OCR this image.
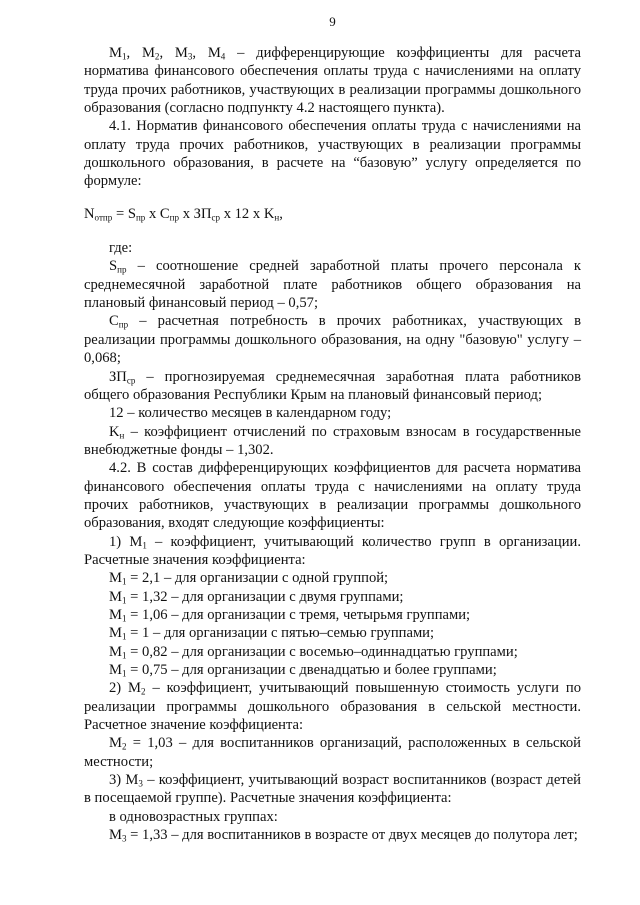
9

$M_1$, $M_2$, $M_3$, $M_4$ – дифференцирующие коэффициенты для расчета норматива финансового обеспечения оплаты труда с начислениями на оплату труда прочих работников, участвующих в реализации программы дошкольного образования (согласно подпункту 4.2 настоящего пункта).

4.1. Норматив финансового обеспечения оплаты труда с начислениями на оплату труда прочих работников, участвующих в реализации программы дошкольного образования, в расчете на “базовую” услугу определяется по формуле:

$N_{отпр} = S_{пр}$ x $C_{пр}$ x $ЗП_{ср}$ x 12 x $K_н$,

где:

$S_{пр}$ – соотношение средней заработной платы прочего персонала к среднемесячной заработной плате работников общего образования на плановый финансовый период – 0,57;

$C_{пр}$ – расчетная потребность в прочих работниках, участвующих в реализации программы дошкольного образования, на одну "базовую" услугу – 0,068;

$ЗП_{ср}$ – прогнозируемая среднемесячная заработная плата работников общего образования Республики Крым на плановый финансовый период;

12 – количество месяцев в календарном году;

$K_н$ – коэффициент отчислений по страховым взносам в государственные внебюджетные фонды – 1,302.

4.2. В состав дифференцирующих коэффициентов для расчета норматива финансового обеспечения оплаты труда с начислениями на оплату труда прочих работников, участвующих в реализации программы дошкольного образования, входят следующие коэффициенты:

1) $M_1$ – коэффициент, учитывающий количество групп в организации. Расчетные значения коэффициента:

$M_1 = 2,1$ – для организации с одной группой;

$M_1 = 1,32$ – для организации с двумя группами;

$M_1 = 1,06$ – для организации с тремя, четырьмя группами;

$M_1 = 1$ – для организации с пятью–семью группами;

$M_1 = 0,82$ – для организации с восемью–одиннадцатью группами;

$M_1 = 0,75$ – для организации с двенадцатью и более группами;

2) $M_2$ – коэффициент, учитывающий повышенную стоимость услуги по реализации программы дошкольного образования в сельской местности. Расчетное значение коэффициента:

$M_2 = 1,03$ – для воспитанников организаций, расположенных в сельской местности;

3) $M_3$ – коэффициент, учитывающий возраст воспитанников (возраст детей в посещаемой группе). Расчетные значения коэффициента:

в одновозрастных группах:

$M_3 = 1,33$ – для воспитанников в возрасте от двух месяцев до полутора лет;
